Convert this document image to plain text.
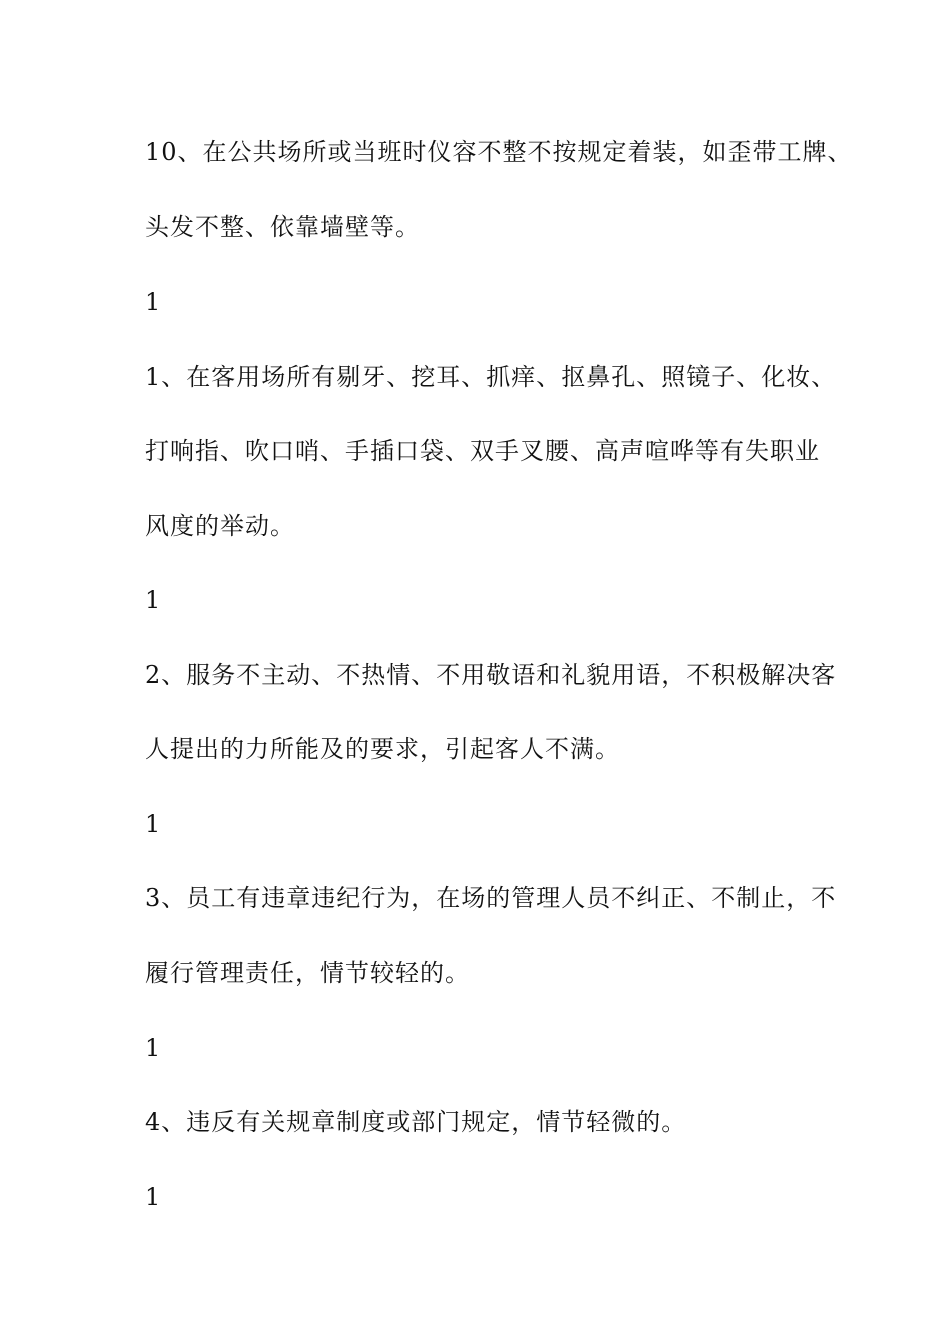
10、在公共场所或当班时仪容不整不按规定着装，如歪带工牌、
头发不整、依靠墙壁等。
1
1、在客用场所有剔牙、挖耳、抓痒、抠鼻孔、照镜子、化妆、
打响指、吹口哨、手插口袋、双手叉腰、高声喧哗等有失职业
风度的举动。
1
2、服务不主动、不热情、不用敬语和礼貌用语，不积极解决客
人提出的力所能及的要求，引起客人不满。
1
3、员工有违章违纪行为，在场的管理人员不纠正、不制止，不
履行管理责任，情节较轻的。
1
4、违反有关规章制度或部门规定，情节轻微的。
1
